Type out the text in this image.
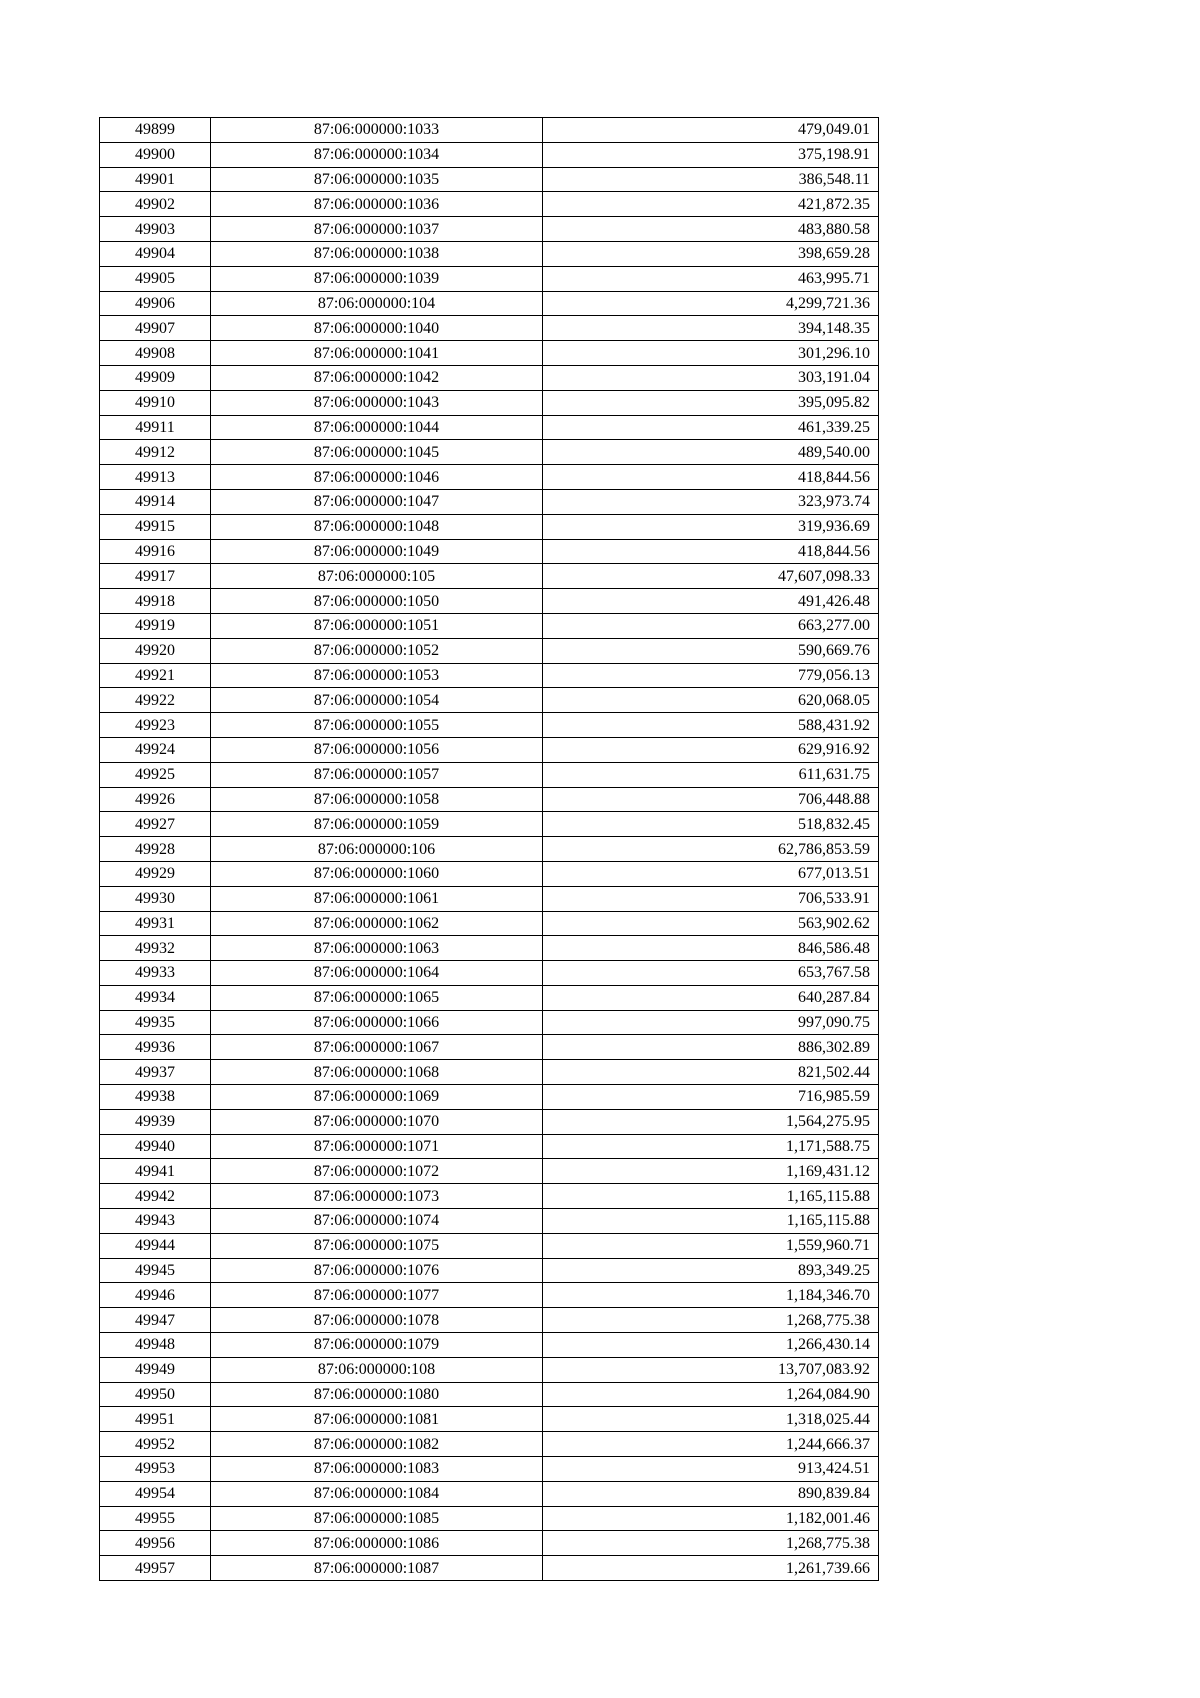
49899	87:06:000000:1033	479,049.01
49900	87:06:000000:1034	375,198.91
49901	87:06:000000:1035	386,548.11
49902	87:06:000000:1036	421,872.35
49903	87:06:000000:1037	483,880.58
49904	87:06:000000:1038	398,659.28
49905	87:06:000000:1039	463,995.71
49906	87:06:000000:104	4,299,721.36
49907	87:06:000000:1040	394,148.35
49908	87:06:000000:1041	301,296.10
49909	87:06:000000:1042	303,191.04
49910	87:06:000000:1043	395,095.82
49911	87:06:000000:1044	461,339.25
49912	87:06:000000:1045	489,540.00
49913	87:06:000000:1046	418,844.56
49914	87:06:000000:1047	323,973.74
49915	87:06:000000:1048	319,936.69
49916	87:06:000000:1049	418,844.56
49917	87:06:000000:105	47,607,098.33
49918	87:06:000000:1050	491,426.48
49919	87:06:000000:1051	663,277.00
49920	87:06:000000:1052	590,669.76
49921	87:06:000000:1053	779,056.13
49922	87:06:000000:1054	620,068.05
49923	87:06:000000:1055	588,431.92
49924	87:06:000000:1056	629,916.92
49925	87:06:000000:1057	611,631.75
49926	87:06:000000:1058	706,448.88
49927	87:06:000000:1059	518,832.45
49928	87:06:000000:106	62,786,853.59
49929	87:06:000000:1060	677,013.51
49930	87:06:000000:1061	706,533.91
49931	87:06:000000:1062	563,902.62
49932	87:06:000000:1063	846,586.48
49933	87:06:000000:1064	653,767.58
49934	87:06:000000:1065	640,287.84
49935	87:06:000000:1066	997,090.75
49936	87:06:000000:1067	886,302.89
49937	87:06:000000:1068	821,502.44
49938	87:06:000000:1069	716,985.59
49939	87:06:000000:1070	1,564,275.95
49940	87:06:000000:1071	1,171,588.75
49941	87:06:000000:1072	1,169,431.12
49942	87:06:000000:1073	1,165,115.88
49943	87:06:000000:1074	1,165,115.88
49944	87:06:000000:1075	1,559,960.71
49945	87:06:000000:1076	893,349.25
49946	87:06:000000:1077	1,184,346.70
49947	87:06:000000:1078	1,268,775.38
49948	87:06:000000:1079	1,266,430.14
49949	87:06:000000:108	13,707,083.92
49950	87:06:000000:1080	1,264,084.90
49951	87:06:000000:1081	1,318,025.44
49952	87:06:000000:1082	1,244,666.37
49953	87:06:000000:1083	913,424.51
49954	87:06:000000:1084	890,839.84
49955	87:06:000000:1085	1,182,001.46
49956	87:06:000000:1086	1,268,775.38
49957	87:06:000000:1087	1,261,739.66
